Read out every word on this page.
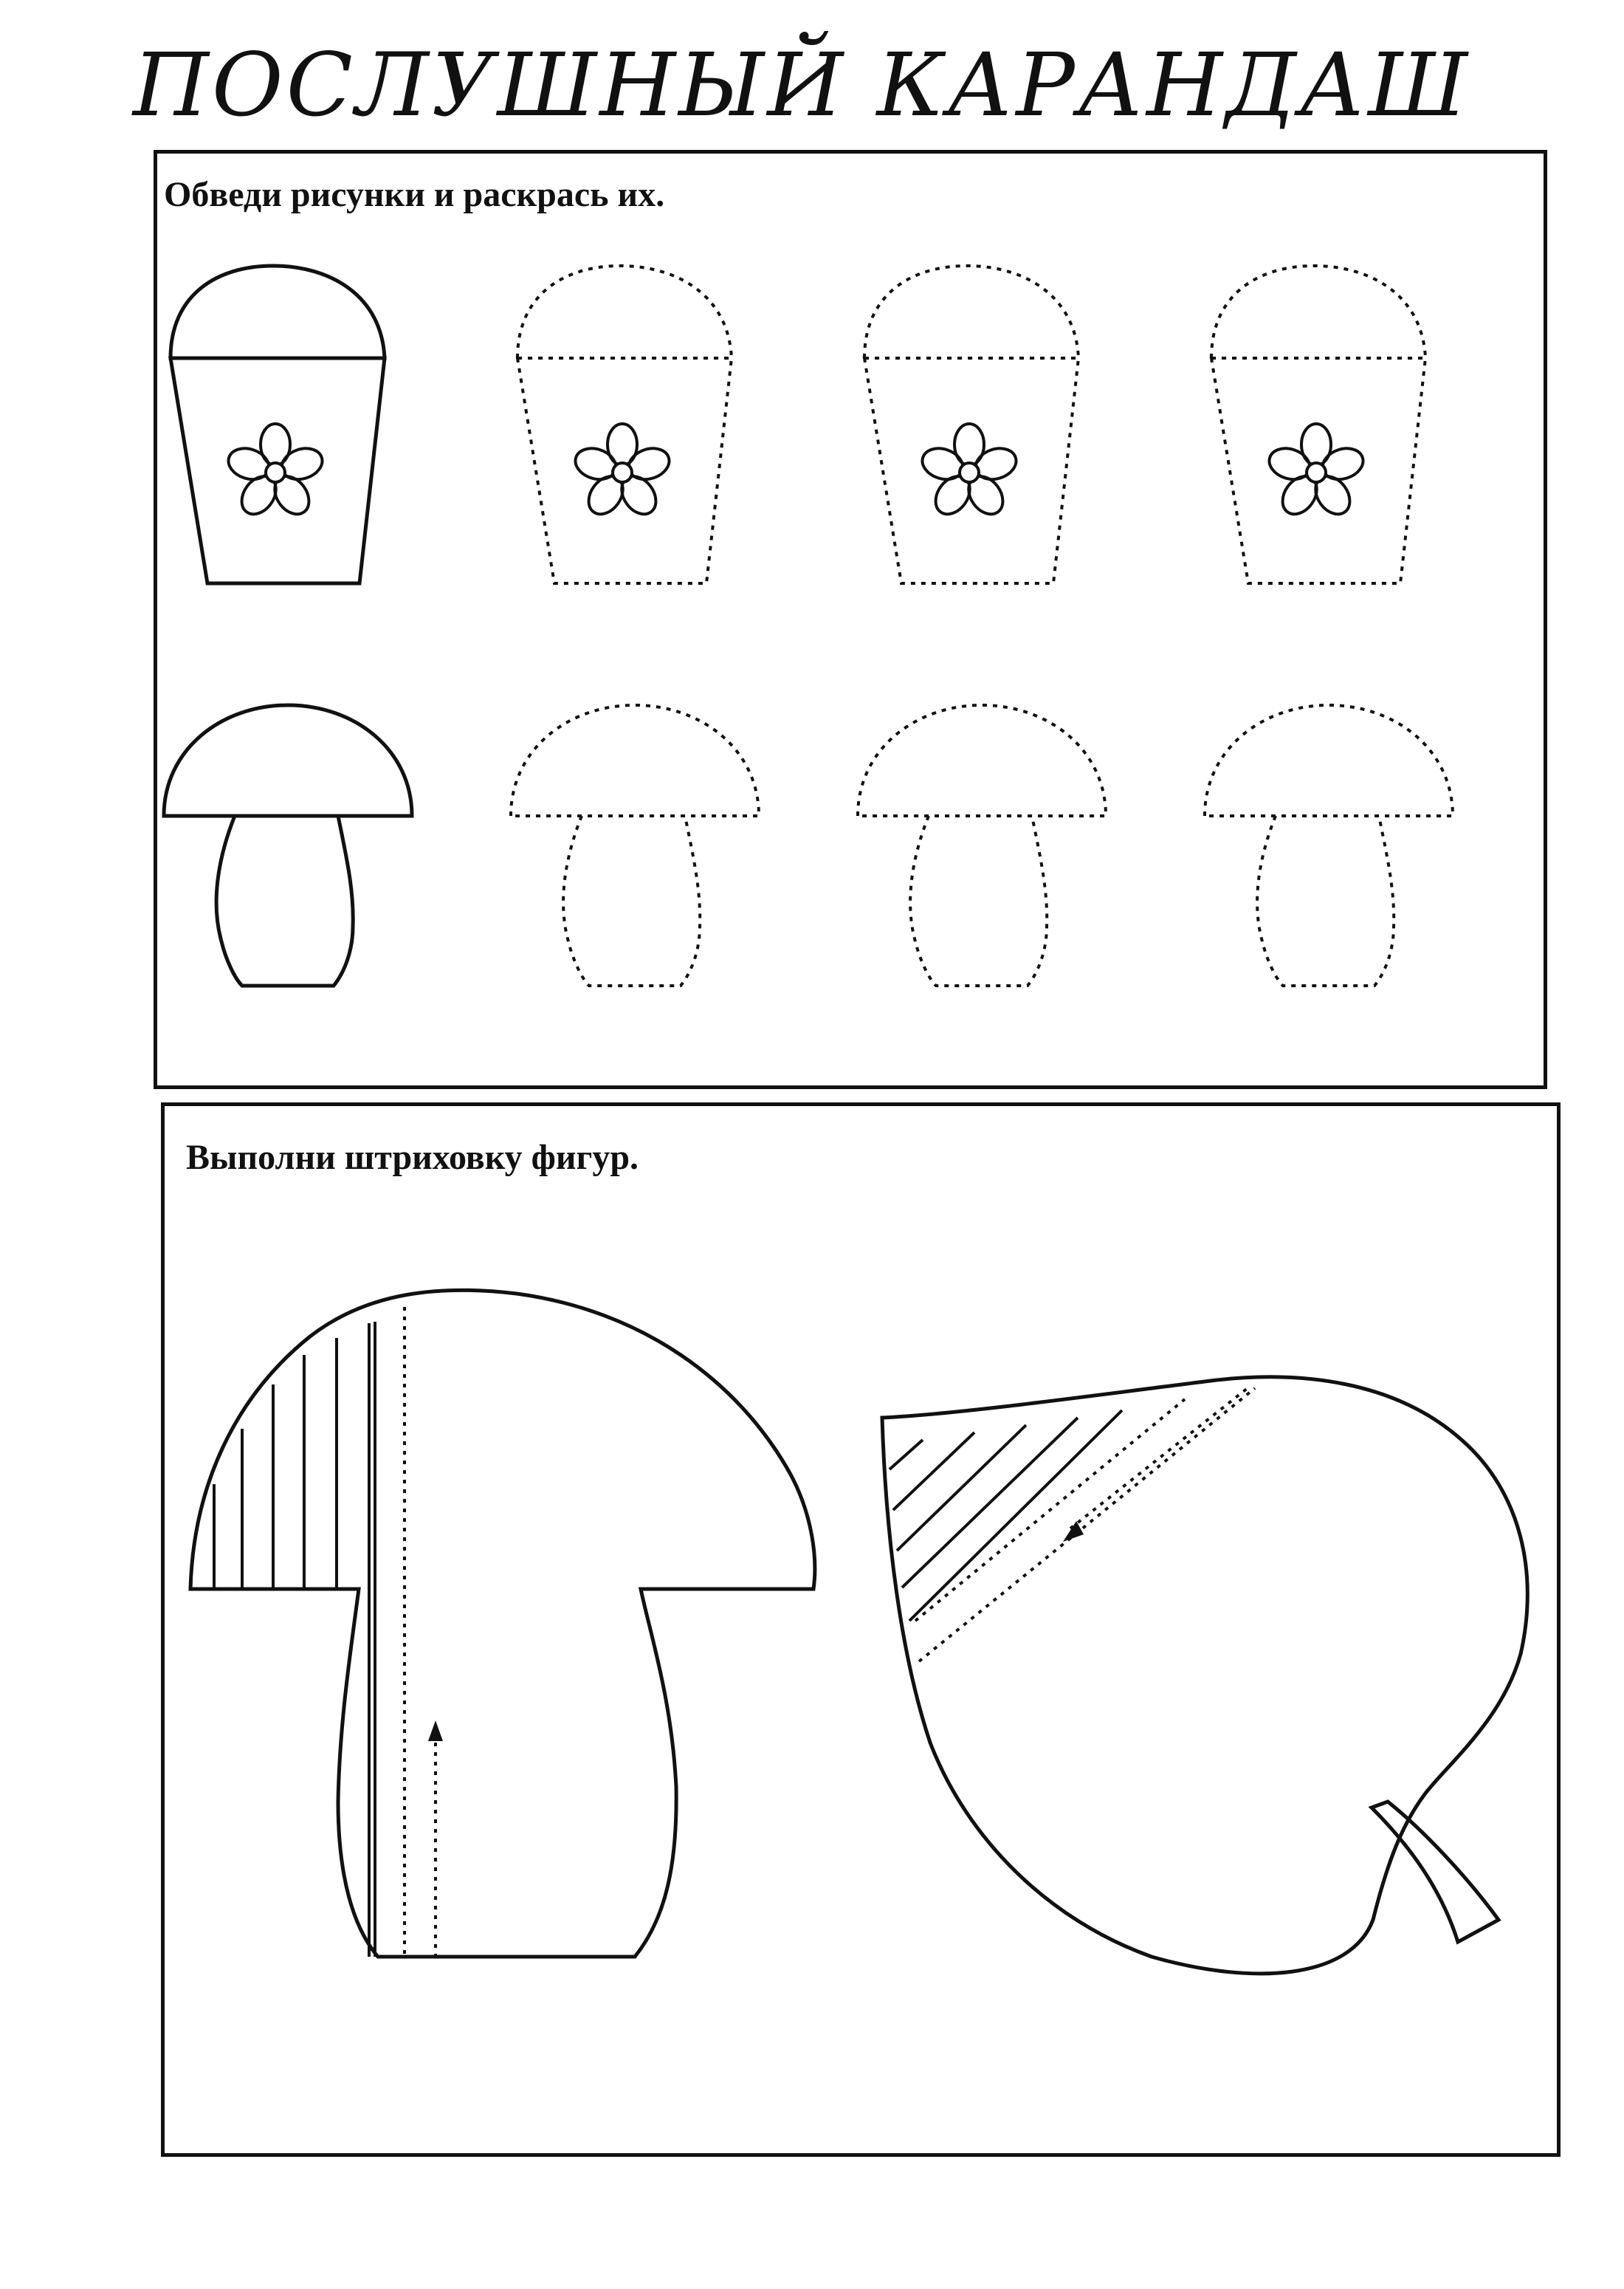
ПОСЛУШНЫЙ КАРАНДАШ
Обведи рисунки и раскрась их.
Выполни штриховку фигур.
